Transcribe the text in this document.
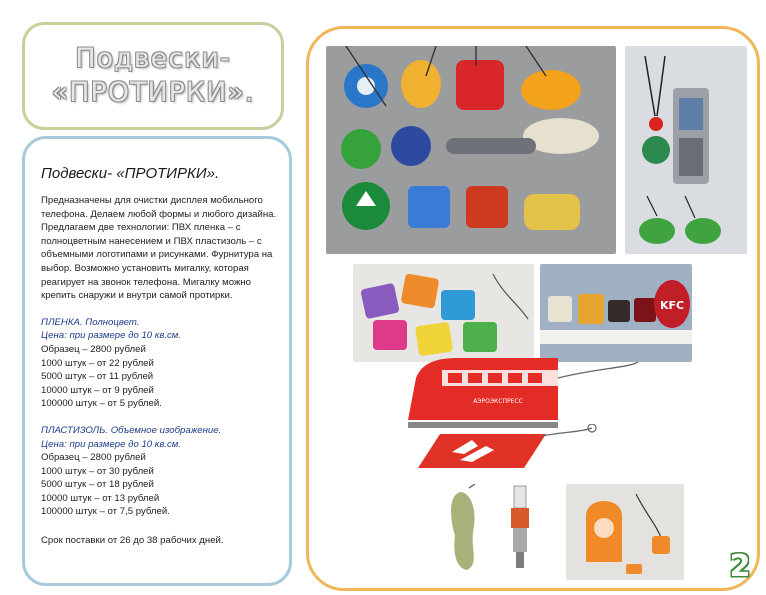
Подвески-
«ПРОТИРКИ».
Подвески- «ПРОТИРКИ».

Предназначены для очистки дисплея мобильного телефона. Делаем любой формы и любого дизайна. Предлагаем две технологии: ПВХ пленка – с полноцветным нанесением и ПВХ пластизоль – с объемными логотипами и рисунками. Фурнитура на выбор. Возможно установить мигалку, которая реагирует на звонок телефона. Мигалку можно крепить снаружи и внутри самой протирки.

ПЛЕНКА. Полноцвет.

Цена: при размере до 10 кв.см.

Образец – 2800 рублей

1000 штук – от 22 рублей

5000 штук – от 11 рублей

10000 штук – от 9 рублей

100000 штук – от 5 рублей.

ПЛАСТИЗОЛЬ. Объемное изображение.

Цена: при размере до 10 кв.см.

Образец – 2800 рублей

1000 штук – от 30 рублей

5000 штук – от 18 рублей

10000 штук – от 13 рублей

100000 штук – от 7,5 рублей.

Срок поставки от 26 до 38 рабочих дней.
KFC
АЭРОЭКСПРЕСС
2
